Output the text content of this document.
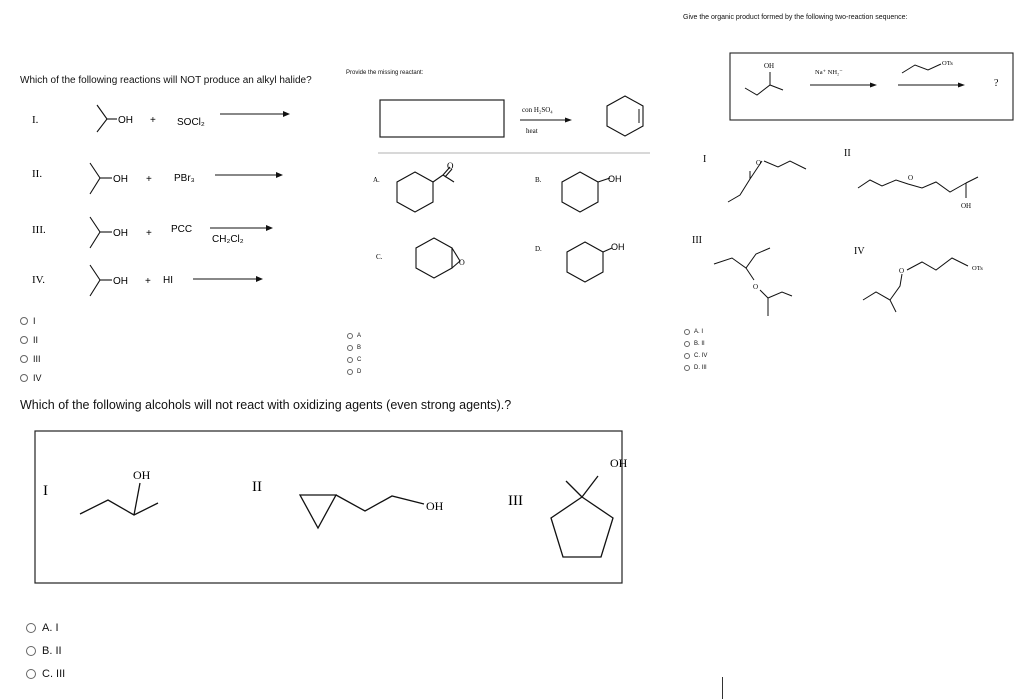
Which of the following reactions will NOT produce an alkyl halide?
I.	OH + SOCl₂
II.	OH + PBr₃
III.	OH + PCC
CH₂Cl₂
IV.	OH + HI
I
II
III
IV
Provide the missing reactant:
con H₂SO₄
heat
A.
O
B.	OH
C.
O
D.	OH
A
B
C
D
Give the organic product formed by the following two-reaction sequence:
OH
Na⁺ NH₂⁻
OTs
?
I	O
II
O
OH
III
O
IV
O	OTs
A. I
B. II
C. IV
D. III
Which of the following alcohols will not react with oxidizing agents (even strong agents).?
I
OH
II
OH	III
OH
A. I
B. II
C. III
